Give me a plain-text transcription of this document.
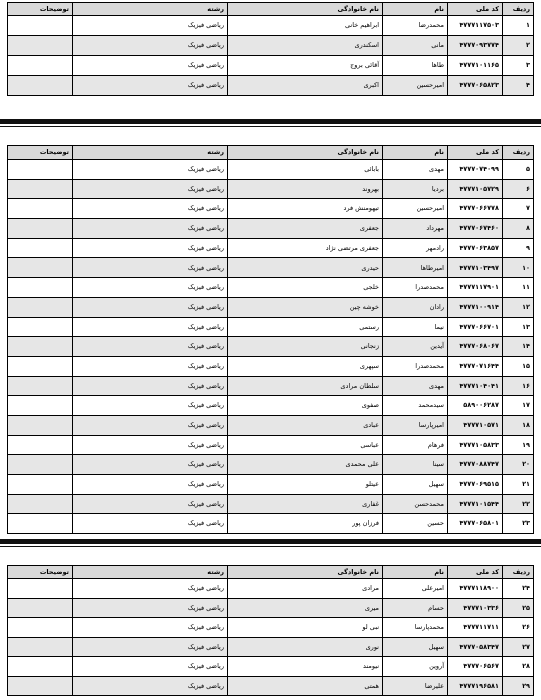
توضیحات	رشته	نام خانوادگی	نام	کد ملی	ردیف
	ریاضی فیزیک	ابراهیم خانی	محمدرضا	۴۷۷۷۱۱۷۵۰۳	۱
	ریاضی فیزیک	اسکندری	مانی	۴۷۷۷۰۹۳۷۷۴	۲
	ریاضی فیزیک	آقائی بروج	طاها	۴۷۷۷۱۰۱۱۶۵	۳
	ریاضی فیزیک	اکبری	امیرحسین	۴۷۷۷۰۶۵۸۲۳	۴
توضیحات	رشته	نام خانوادگی	نام	کد ملی	ردیف
	ریاضی فیزیک	بابائی	مهدی	۴۷۷۷۰۷۴۰۹۹	۵
	ریاضی فیزیک	بهروند	بردیا	۴۷۷۷۱۰۵۷۲۹	۶
	ریاضی فیزیک	تیهومنش فرد	امیرحسین	۴۷۷۷۰۶۶۷۷۸	۷
	ریاضی فیزیک	جعفری	مهرداد	۴۷۷۷۰۶۷۴۶۰	۸
	ریاضی فیزیک	جعفری مرتضی نژاد	رادمهر	۴۷۷۷۰۶۳۸۵۷	۹
	ریاضی فیزیک	حیدری	امیرطاها	۴۷۷۷۱۰۳۴۹۷	۱۰
	ریاضی فیزیک	خلجی	محمدصدرا	۴۷۷۷۱۱۷۹۰۱	۱۱
	ریاضی فیزیک	خوشه چین	رادان	۴۷۷۷۱۰۰۹۱۴	۱۲
	ریاضی فیزیک	رستمی	نیما	۴۷۷۷۰۶۶۷۰۱	۱۳
	ریاضی فیزیک	زنجانی	آیدین	۴۷۷۷۰۶۸۰۶۷	۱۴
	ریاضی فیزیک	سپهری	محمدصدرا	۴۷۷۷۰۷۱۶۴۴	۱۵
	ریاضی فیزیک	سلطان مرادی	مهدی	۴۷۷۷۱۰۴۰۴۱	۱۶
	ریاضی فیزیک	صفوی	سیدمحمد	۵۸۹۰۰۶۲۸۷	۱۷
	ریاضی فیزیک	عبادی	امیرپارسا	۴۷۷۷۱۰۵۷۱	۱۸
	ریاضی فیزیک	عباسی	فرهام	۴۷۷۷۱۰۵۸۳۳	۱۹
	ریاضی فیزیک	علی محمدی	سینا	۴۷۷۷۰۸۸۷۴۷	۲۰
	ریاضی فیزیک	عیتلو	سهیل	۴۷۷۷۰۶۹۵۱۵	۲۱
	ریاضی فیزیک	غفاری	محمدحسن	۴۷۷۷۱۰۱۵۴۴	۲۲
	ریاضی فیزیک	فرزان پور	حسین	۴۷۷۷۰۶۵۸۰۱	۲۳
توضیحات	رشته	نام خانوادگی	نام	کد ملی	ردیف
	ریاضی فیزیک	مرادی	امیرعلی	۴۷۷۷۱۱۸۹۰۰	۲۴
	ریاضی فیزیک	میری	حسام	۴۷۷۷۱۰۳۳۶	۲۵
	ریاضی فیزیک	نبی لو	محمدپارسا	۴۷۷۷۱۱۷۱۱	۲۶
	ریاضی فیزیک	نوری	سهیل	۴۷۷۷۰۵۸۳۴۷	۲۷
	ریاضی فیزیک	نیومند	آروین	۴۷۷۷۰۶۵۶۷	۲۸
	ریاضی فیزیک	همتی	علیرضا	۴۷۷۷۱۹۶۵۸۱	۲۹
